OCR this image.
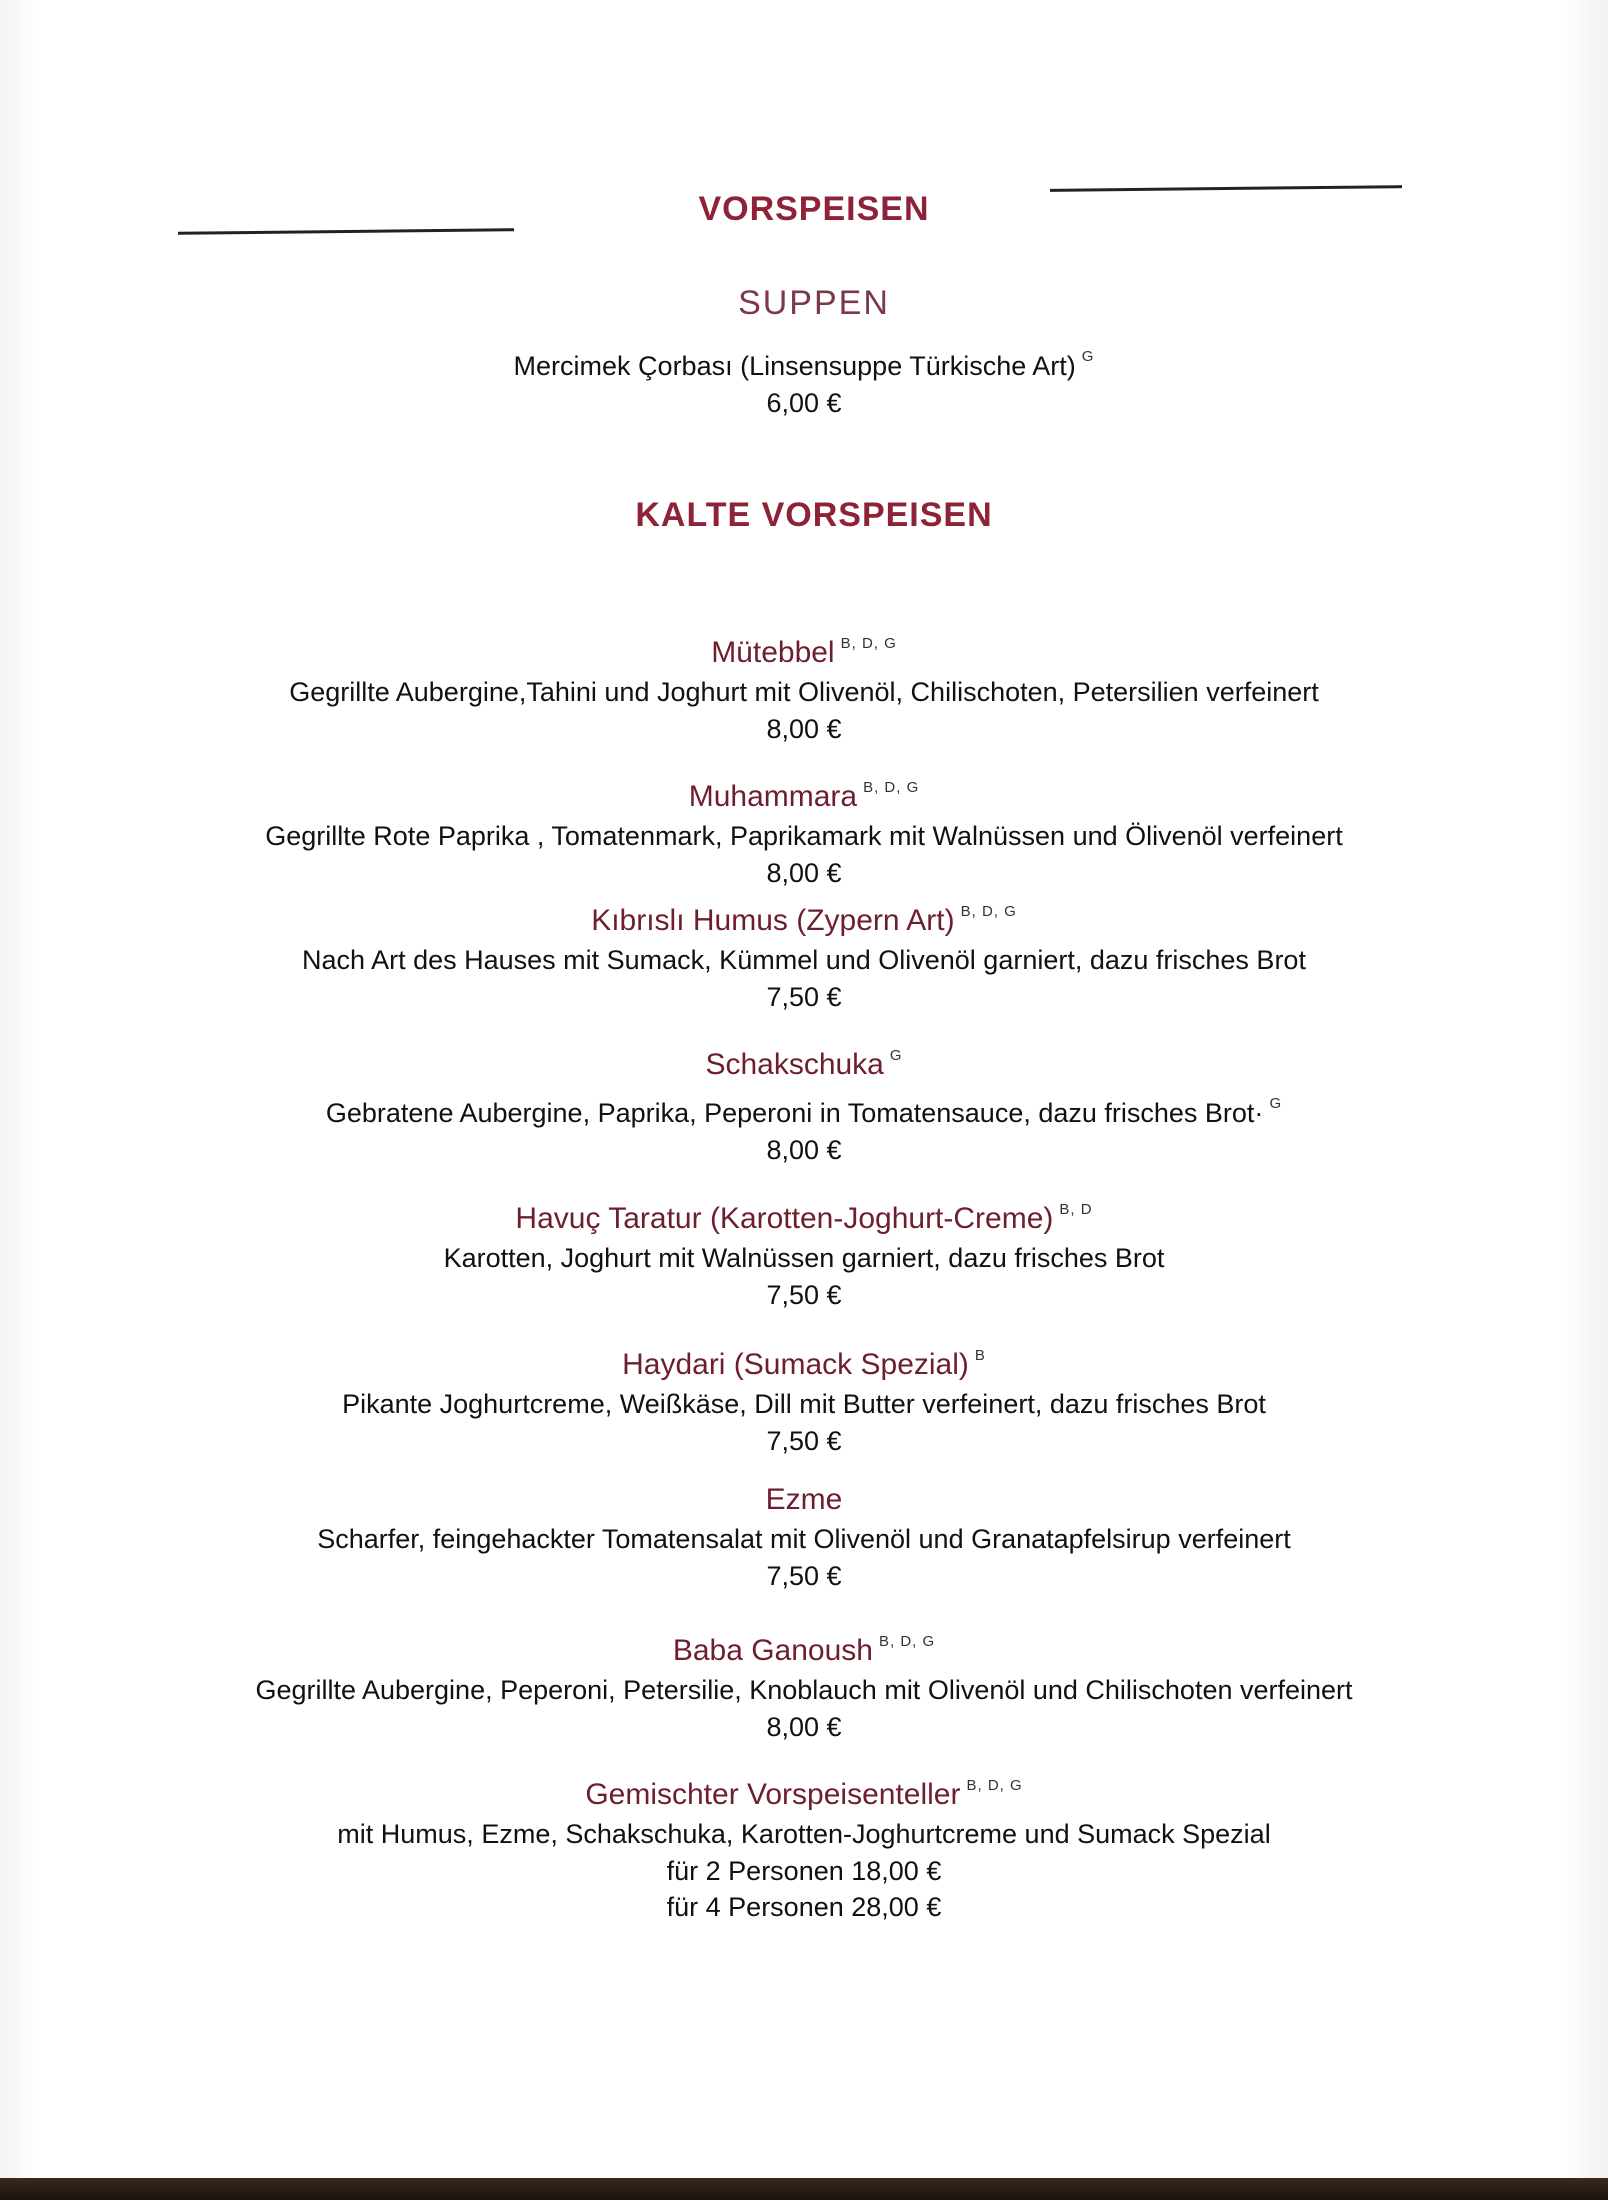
VORSPEISEN
SUPPEN
Mercimek Çorbası (Linsensuppe Türkische Art) $^G$
6,00 €
KALTE VORSPEISEN
Mütebbel $^{B, D, G}$
Gegrillte Aubergine,Tahini und Joghurt mit Olivenöl, Chilischoten, Petersilien verfeinert
8,00 €
Muhammara $^{B, D, G}$
Gegrillte Rote Paprika , Tomatenmark, Paprikamark mit Walnüssen und Ölivenöl verfeinert
8,00 €
Kıbrıslı Humus (Zypern Art) $^{B, D, G}$
Nach Art des Hauses mit Sumack, Kümmel und Olivenöl garniert, dazu frisches Brot
7,50 €
Schakschuka $^G$
Gebratene Aubergine, Paprika, Peperoni in Tomatensauce, dazu frisches Brot· $^G$
8,00 €
Havuç Taratur (Karotten-Joghurt-Creme) $^{B, D}$
Karotten, Joghurt mit Walnüssen garniert, dazu frisches Brot
7,50 €
Haydari (Sumack Spezial) $^B$
Pikante Joghurtcreme, Weißkäse, Dill mit Butter verfeinert, dazu frisches Brot
7,50 €
Ezme
Scharfer, feingehackter Tomatensalat mit Olivenöl und Granatapfelsirup verfeinert
7,50 €
Baba Ganoush $^{B, D, G}$
Gegrillte Aubergine, Peperoni, Petersilie, Knoblauch mit Olivenöl und Chilischoten verfeinert
8,00 €
Gemischter Vorspeisenteller $^{B, D, G}$
mit Humus, Ezme, Schakschuka, Karotten-Joghurtcreme und Sumack Spezial
für 2 Personen 18,00 €
für 4 Personen 28,00 €
